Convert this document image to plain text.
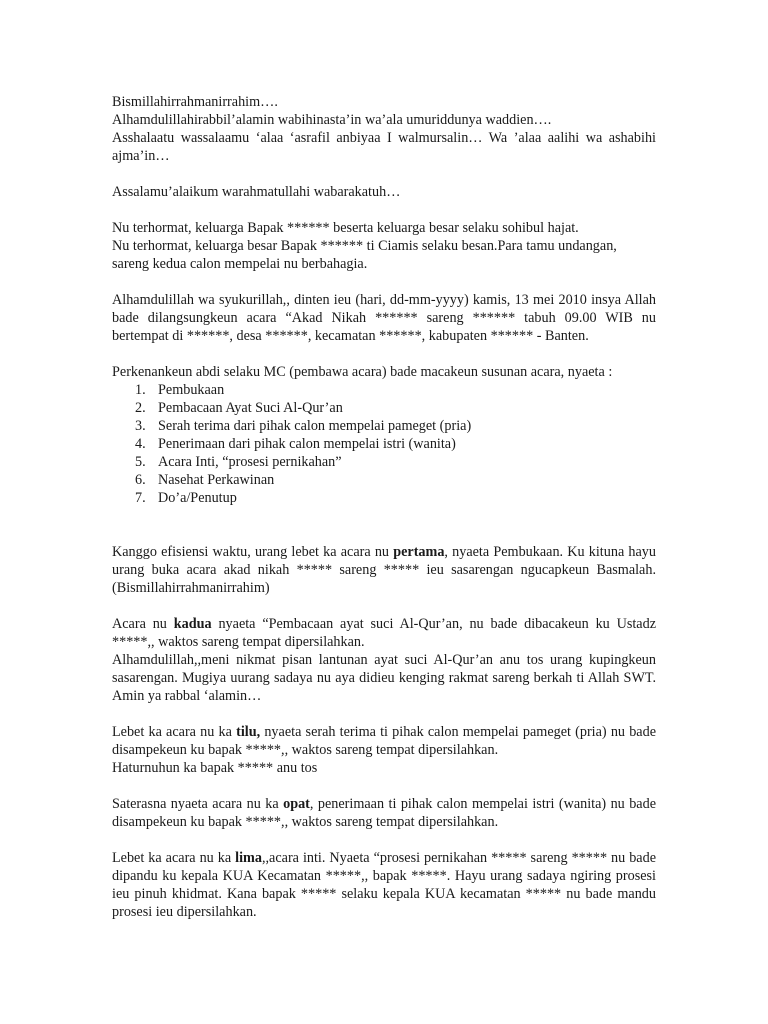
Bismillahirrahmanirrahim….

Alhamdulillahirabbil’alamin wabihinasta’in wa’ala umuriddunya waddien….

Asshalaatu wassalaamu ‘alaa ‘asrafil anbiyaa I walmursalin… Wa ’alaa aalihi wa ashabihi ajma’in…

Assalamu’alaikum warahmatullahi wabarakatuh…

Nu terhormat, keluarga Bapak ****** beserta keluarga besar selaku sohibul hajat.

Nu terhormat, keluarga besar Bapak ****** ti Ciamis selaku besan.Para tamu undangan, sareng kedua calon mempelai nu berbahagia.

Alhamdulillah wa syukurillah,, dinten ieu (hari, dd-mm-yyyy) kamis, 13 mei 2010 insya Allah bade dilangsungkeun acara “Akad Nikah ****** sareng ****** tabuh 09.00 WIB nu bertempat di ******, desa ******, kecamatan ******, kabupaten ****** - Banten.

Perkenankeun abdi selaku MC (pembawa acara) bade macakeun susunan acara, nyaeta :

1. Pembukaan
2. Pembacaan Ayat Suci Al-Qur’an
3. Serah terima dari pihak calon mempelai pameget (pria)
4. Penerimaan dari pihak calon mempelai istri (wanita)
5. Acara Inti, “prosesi pernikahan”
6. Nasehat Perkawinan
7. Do’a/Penutup

Kanggo efisiensi waktu, urang lebet ka acara nu pertama, nyaeta Pembukaan. Ku kituna hayu urang buka acara akad nikah ***** sareng ***** ieu sasarengan ngucapkeun Basmalah. (Bismillahirrahmanirrahim)

Acara nu kadua nyaeta “Pembacaan ayat suci Al-Qur’an, nu bade dibacakeun ku Ustadz *****,, waktos sareng tempat dipersilahkan.

Alhamdulillah,,meni nikmat pisan lantunan ayat suci Al-Qur’an anu tos urang kupingkeun sasarengan. Mugiya uurang sadaya nu aya didieu kenging rakmat sareng berkah ti Allah SWT. Amin ya rabbal ‘alamin…

Lebet ka acara nu ka tilu, nyaeta serah terima ti pihak calon mempelai pameget (pria) nu bade disampekeun ku bapak *****,, waktos sareng tempat dipersilahkan.

Haturnuhun ka bapak ***** anu tos

Saterasna nyaeta acara nu ka opat, penerimaan ti pihak calon mempelai istri (wanita) nu bade disampekeun ku bapak *****,, waktos sareng tempat dipersilahkan.

Lebet ka acara nu ka lima,,acara inti. Nyaeta “prosesi pernikahan ***** sareng ***** nu bade dipandu ku kepala KUA Kecamatan *****,, bapak *****. Hayu urang sadaya ngiring prosesi ieu pinuh khidmat. Kana bapak ***** selaku kepala KUA kecamatan ***** nu bade mandu prosesi ieu dipersilahkan.
